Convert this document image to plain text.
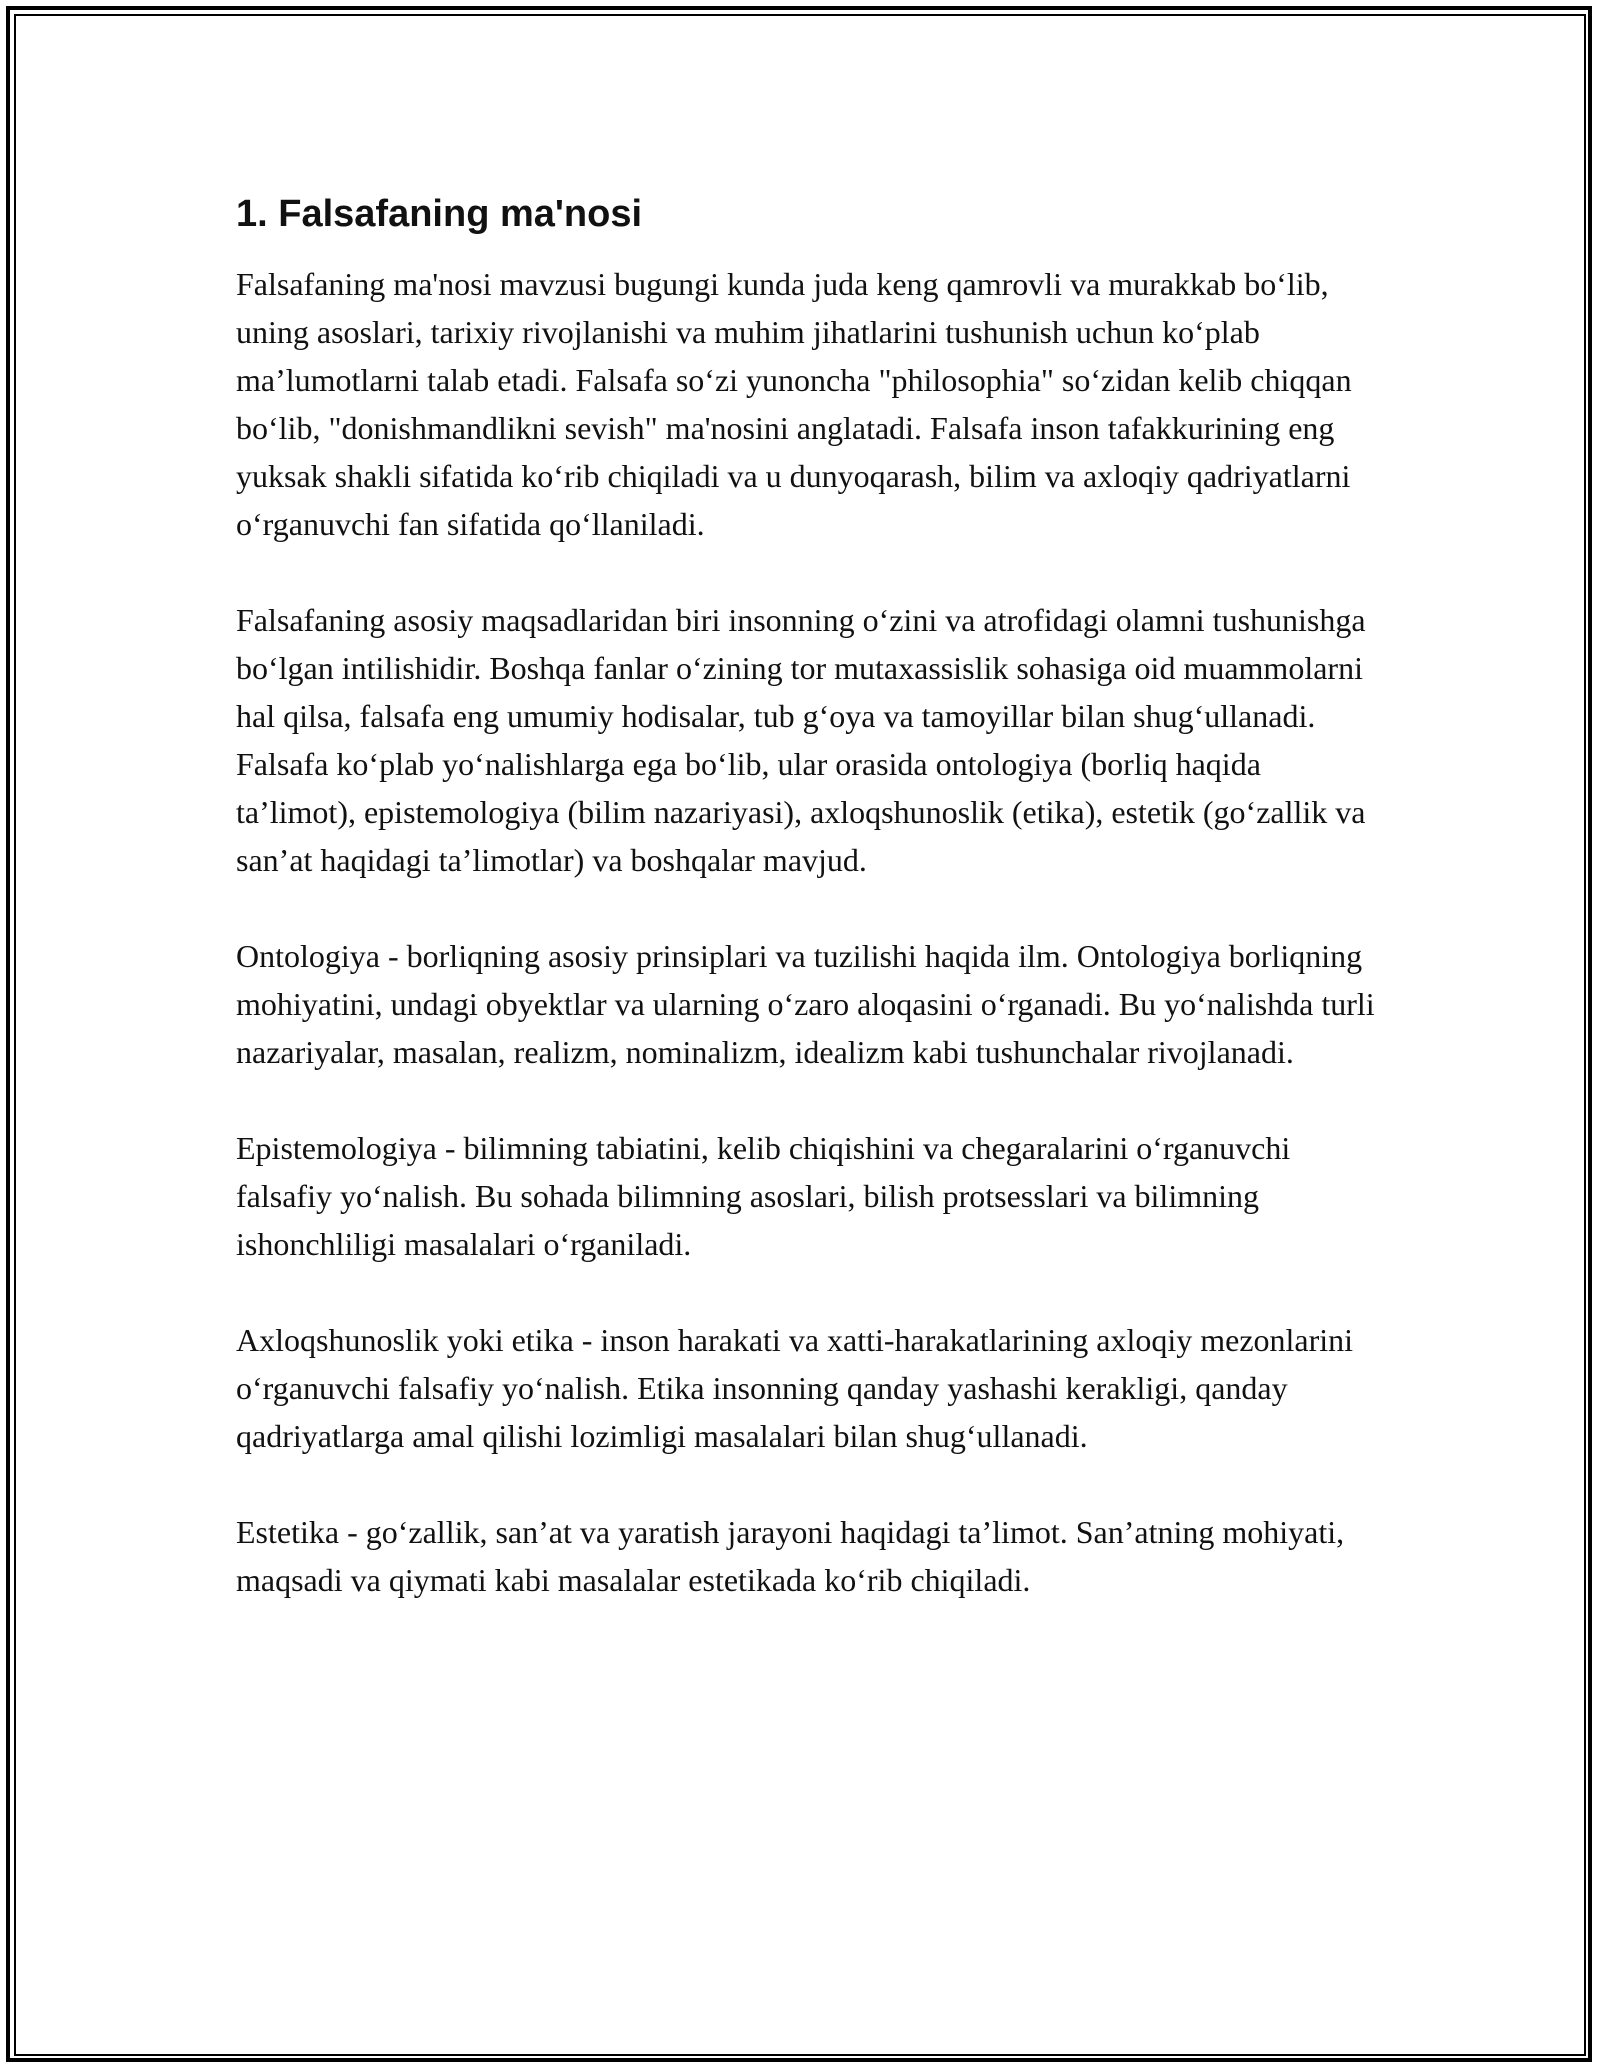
1. Falsafaning ma'nosi

Falsafaning ma'nosi mavzusi bugungi kunda juda keng qamrovli va murakkab bo‘lib, uning asoslari, tarixiy rivojlanishi va muhim jihatlarini tushunish uchun ko‘plab ma’lumotlarni talab etadi. Falsafa so‘zi yunoncha "philosophia" so‘zidan kelib chiqqan bo‘lib, "donishmandlikni sevish" ma'nosini anglatadi. Falsafa inson tafakkurining eng yuksak shakli sifatida ko‘rib chiqiladi va u dunyoqarash, bilim va axloqiy qadriyatlarni o‘rganuvchi fan sifatida qo‘llaniladi.

Falsafaning asosiy maqsadlaridan biri insonning o‘zini va atrofidagi olamni tushunishga bo‘lgan intilishidir. Boshqa fanlar o‘zining tor mutaxassislik sohasiga oid muammolarni hal qilsa, falsafa eng umumiy hodisalar, tub g‘oya va tamoyillar bilan shug‘ullanadi. Falsafa ko‘plab yo‘nalishlarga ega bo‘lib, ular orasida ontologiya (borliq haqida ta’limot), epistemologiya (bilim nazariyasi), axloqshunoslik (etika), estetik (go‘zallik va san’at haqidagi ta’limotlar) va boshqalar mavjud.

Ontologiya - borliqning asosiy prinsiplari va tuzilishi haqida ilm. Ontologiya borliqning mohiyatini, undagi obyektlar va ularning o‘zaro aloqasini o‘rganadi. Bu yo‘nalishda turli nazariyalar, masalan, realizm, nominalizm, idealizm kabi tushunchalar rivojlanadi.

Epistemologiya - bilimning tabiatini, kelib chiqishini va chegaralarini o‘rganuvchi falsafiy yo‘nalish. Bu sohada bilimning asoslari, bilish protsesslari va bilimning ishonchliligi masalalari o‘rganiladi.

Axloqshunoslik yoki etika - inson harakati va xatti-harakatlarining axloqiy mezonlarini o‘rganuvchi falsafiy yo‘nalish. Etika insonning qanday yashashi kerakligi, qanday qadriyatlarga amal qilishi lozimligi masalalari bilan shug‘ullanadi.

Estetika - go‘zallik, san’at va yaratish jarayoni haqidagi ta’limot. San’atning mohiyati, maqsadi va qiymati kabi masalalar estetikada ko‘rib chiqiladi.
